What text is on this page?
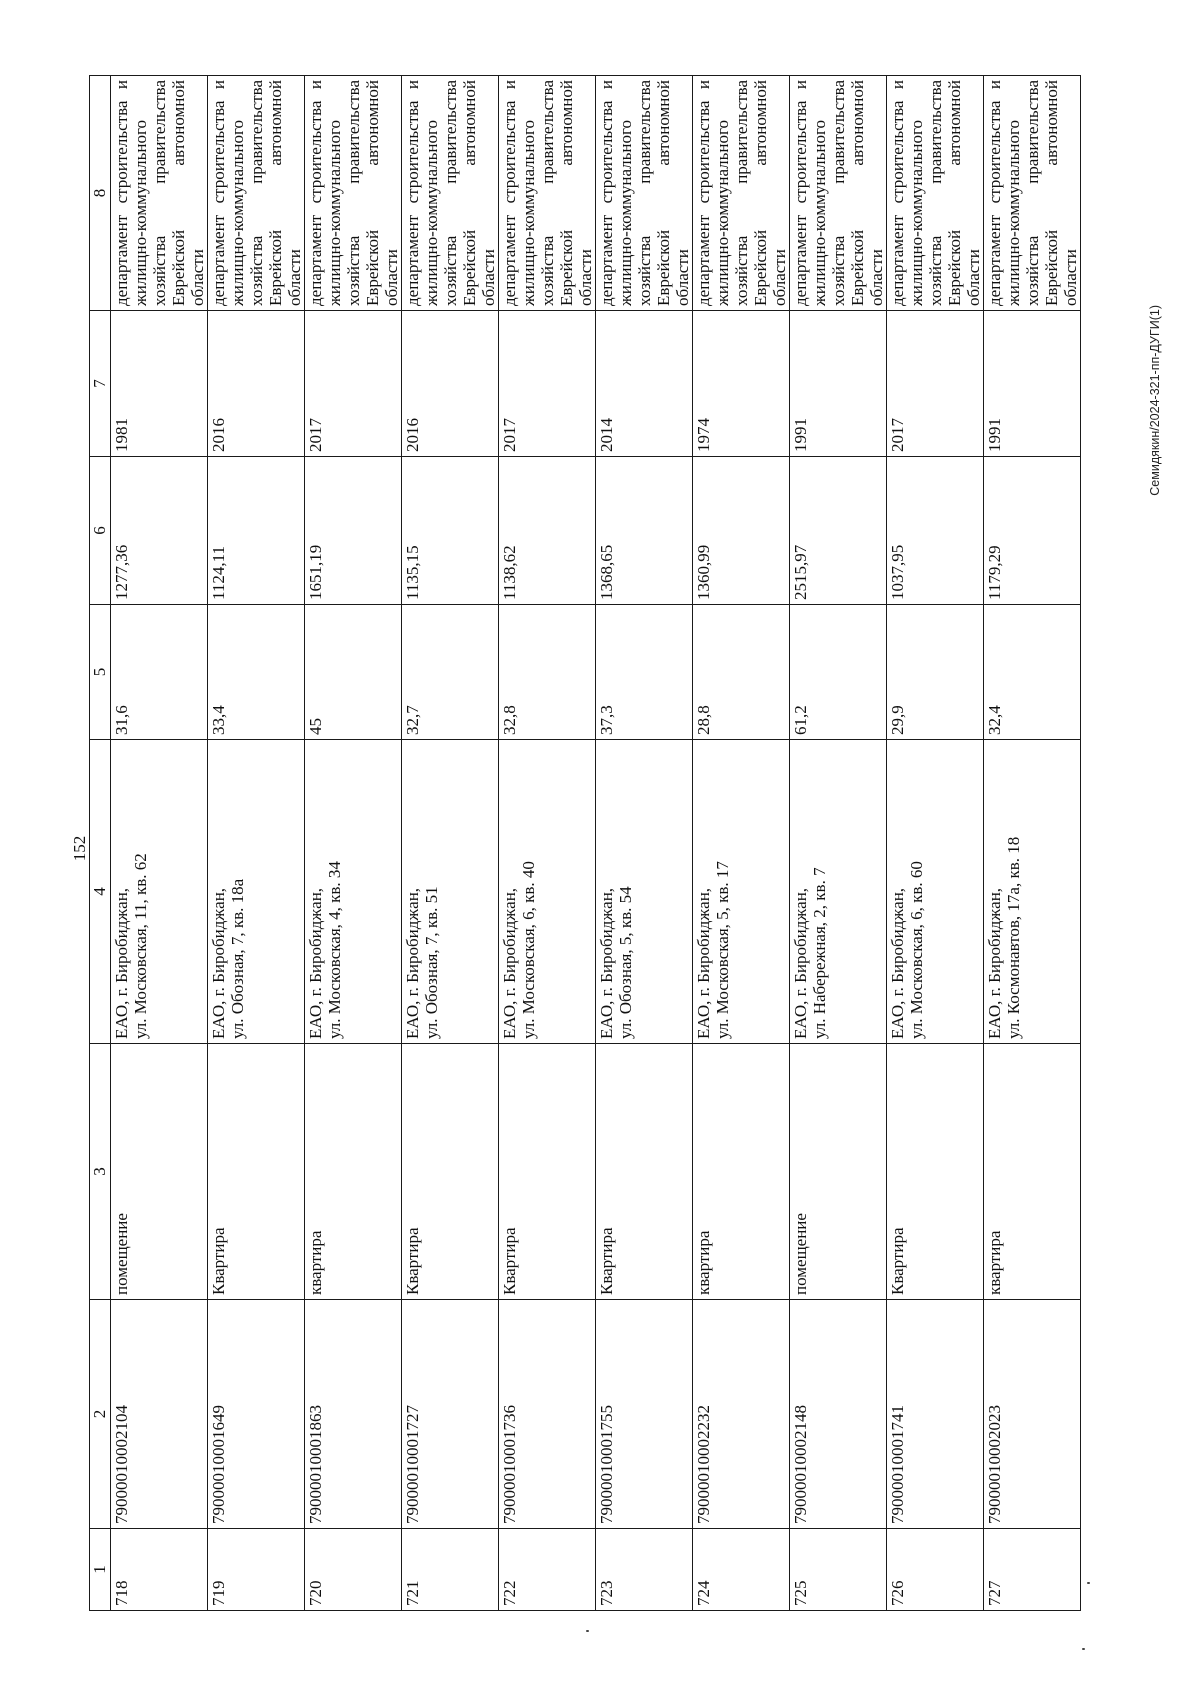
152
1	2	3	4	5	6	7	8
718	79000010002104	помещение	ЕАО, г. Биробиджан, ул. Московская, 11, кв. 62	31,6	1277,36	1981	департамент строительства и жилищно-коммунального хозяйства правительства Еврейской автономной области
719	79000010001649	Квартира	ЕАО, г. Биробиджан, ул. Обозная, 7, кв. 18а	33,4	1124,11	2016	департамент строительства и жилищно-коммунального хозяйства правительства Еврейской автономной области
720	79000010001863	квартира	ЕАО, г. Биробиджан, ул. Московская, 4, кв. 34	45	1651,19	2017	департамент строительства и жилищно-коммунального хозяйства правительства Еврейской автономной области
721	79000010001727	Квартира	ЕАО, г. Биробиджан, ул. Обозная, 7, кв. 51	32,7	1135,15	2016	департамент строительства и жилищно-коммунального хозяйства правительства Еврейской автономной области
722	79000010001736	Квартира	ЕАО, г. Биробиджан, ул. Московская, 6, кв. 40	32,8	1138,62	2017	департамент строительства и жилищно-коммунального хозяйства правительства Еврейской автономной области
723	79000010001755	Квартира	ЕАО, г. Биробиджан, ул. Обозная, 5, кв. 54	37,3	1368,65	2014	департамент строительства и жилищно-коммунального хозяйства правительства Еврейской автономной области
724	79000010002232	квартира	ЕАО, г. Биробиджан, ул. Московская, 5, кв. 17	28,8	1360,99	1974	департамент строительства и жилищно-коммунального хозяйства правительства Еврейской автономной области
725	79000010002148	помещение	ЕАО, г. Биробиджан, ул. Набережная, 2, кв. 7	61,2	2515,97	1991	департамент строительства и жилищно-коммунального хозяйства правительства Еврейской автономной области
726	79000010001741	Квартира	ЕАО, г. Биробиджан, ул. Московская, 6, кв. 60	29,9	1037,95	2017	департамент строительства и жилищно-коммунального хозяйства правительства Еврейской автономной области
727	79000010002023	квартира	ЕАО, г. Биробиджан, ул. Космонавтов, 17а, кв. 18	32,4	1179,29	1991	департамент строительства и жилищно-коммунального хозяйства правительства Еврейской автономной области
Семидякин/2024-321-пп-ДУГИ(1)
